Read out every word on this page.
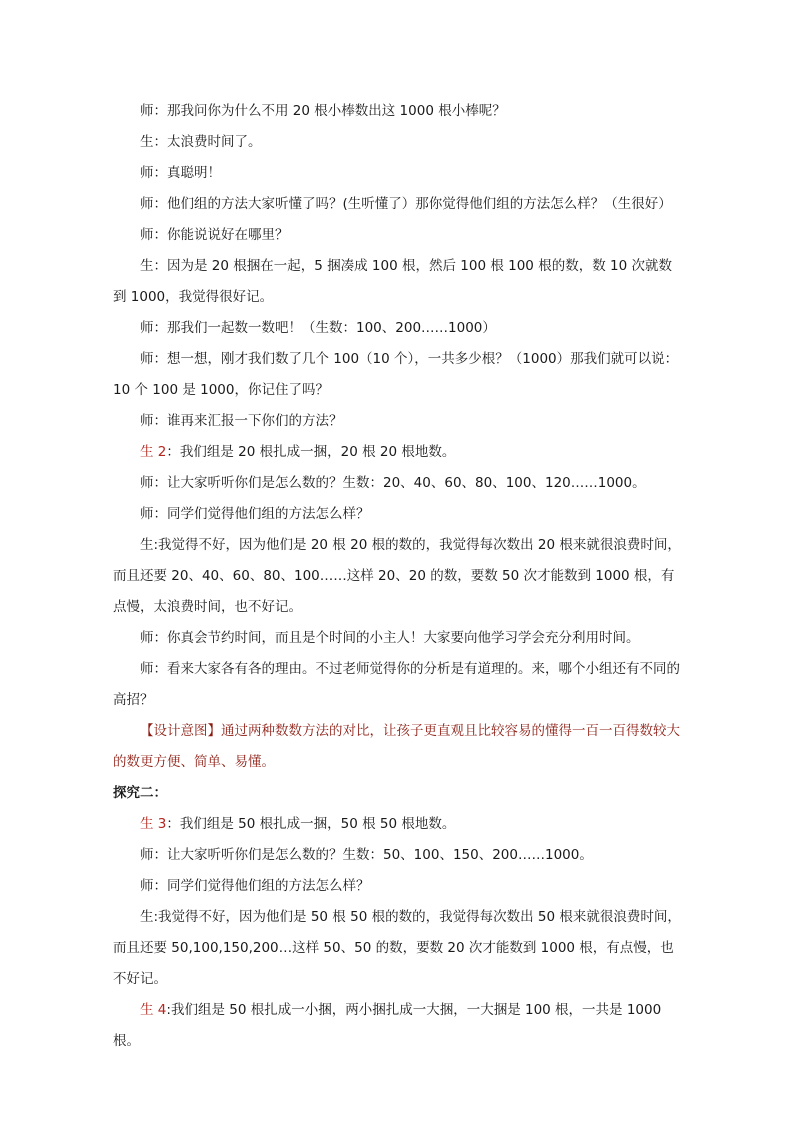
师：那我问你为什么不用 20 根小棒数出这 1000 根小棒呢？

生：太浪费时间了。

师：真聪明！

师：他们组的方法大家听懂了吗？(生听懂了）那你觉得他们组的方法怎么样？（生很好）

师：你能说说好在哪里？

生：因为是 20 根捆在一起，5 捆凑成 100 根，然后 100 根 100 根的数，数 10 次就数到 1000，我觉得很好记。

师：那我们一起数一数吧！（生数：100、200……1000）

师：想一想，刚才我们数了几个 100（10 个），一共多少根？（1000）那我们就可以说：10 个 100 是 1000，你记住了吗？

师：谁再来汇报一下你们的方法？

生 2：我们组是 20 根扎成一捆，20 根 20 根地数。

师：让大家听听你们是怎么数的？生数：20、40、60、80、100、120……1000。

师：同学们觉得他们组的方法怎么样？

生:我觉得不好，因为他们是 20 根 20 根的数的，我觉得每次数出 20 根来就很浪费时间，而且还要 20、40、60、80、100……这样 20、20 的数，要数 50 次才能数到 1000 根，有点慢，太浪费时间，也不好记。

师：你真会节约时间，而且是个时间的小主人！大家要向他学习学会充分利用时间。

师：看来大家各有各的理由。不过老师觉得你的分析是有道理的。来，哪个小组还有不同的高招？

【设计意图】通过两种数数方法的对比，让孩子更直观且比较容易的懂得一百一百得数较大的数更方便、简单、易懂。

探究二：

生 3：我们组是 50 根扎成一捆，50 根 50 根地数。

师：让大家听听你们是怎么数的？生数：50、100、150、200……1000。

师：同学们觉得他们组的方法怎么样？

生:我觉得不好，因为他们是 50 根 50 根的数的，我觉得每次数出 50 根来就很浪费时间，而且还要 50,100,150,200…这样 50、50 的数，要数 20 次才能数到 1000 根，有点慢，也不好记。

生 4:我们组是 50 根扎成一小捆，两小捆扎成一大捆，一大捆是 100 根，一共是 1000 根。
